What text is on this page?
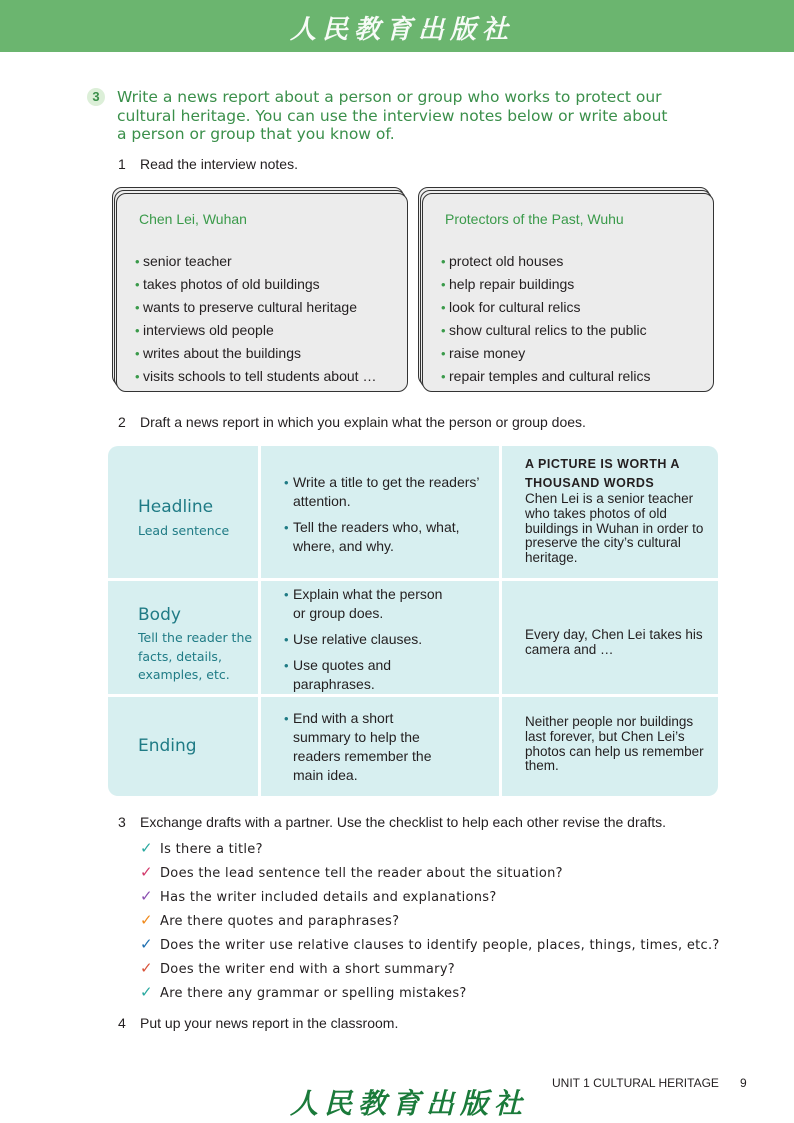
人民教育出版社
3	Write a news report about a person or group who works to protect our cultural heritage. You can use the interview notes below or write about a person or group that you know of.
1 Read the interview notes.
Chen Lei, Wuhan
• senior teacher
• takes photos of old buildings
• wants to preserve cultural heritage
• interviews old people
• writes about the buildings
• visits schools to tell students about …
Protectors of the Past, Wuhu
• protect old houses
• help repair buildings
• look for cultural relics
• show cultural relics to the public
• raise money
• repair temples and cultural relics
2 Draft a news report in which you explain what the person or group does.
Headline
Lead sentence
• Write a title to get the readers’ attention.
• Tell the readers who, what, where, and why.
A PICTURE IS WORTH A THOUSAND WORDS
Chen Lei is a senior teacher who takes photos of old buildings in Wuhan in order to preserve the city’s cultural heritage.
Body
Tell the reader the facts, details, examples, etc.
• Explain what the person or group does.
• Use relative clauses.
• Use quotes and paraphrases.
Every day, Chen Lei takes his camera and …
Ending
• End with a short summary to help the readers remember the main idea.
Neither people nor buildings last forever, but Chen Lei’s photos can help us remember them.
3 Exchange drafts with a partner. Use the checklist to help each other revise the drafts.
✓ Is there a title?
✓ Does the lead sentence tell the reader about the situation?
✓ Has the writer included details and explanations?
✓ Are there quotes and paraphrases?
✓ Does the writer use relative clauses to identify people, places, things, times, etc.?
✓ Does the writer end with a short summary?
✓ Are there any grammar or spelling mistakes?
4 Put up your news report in the classroom.
UNIT 1 CULTURAL HERITAGE 9
人民教育出版社
